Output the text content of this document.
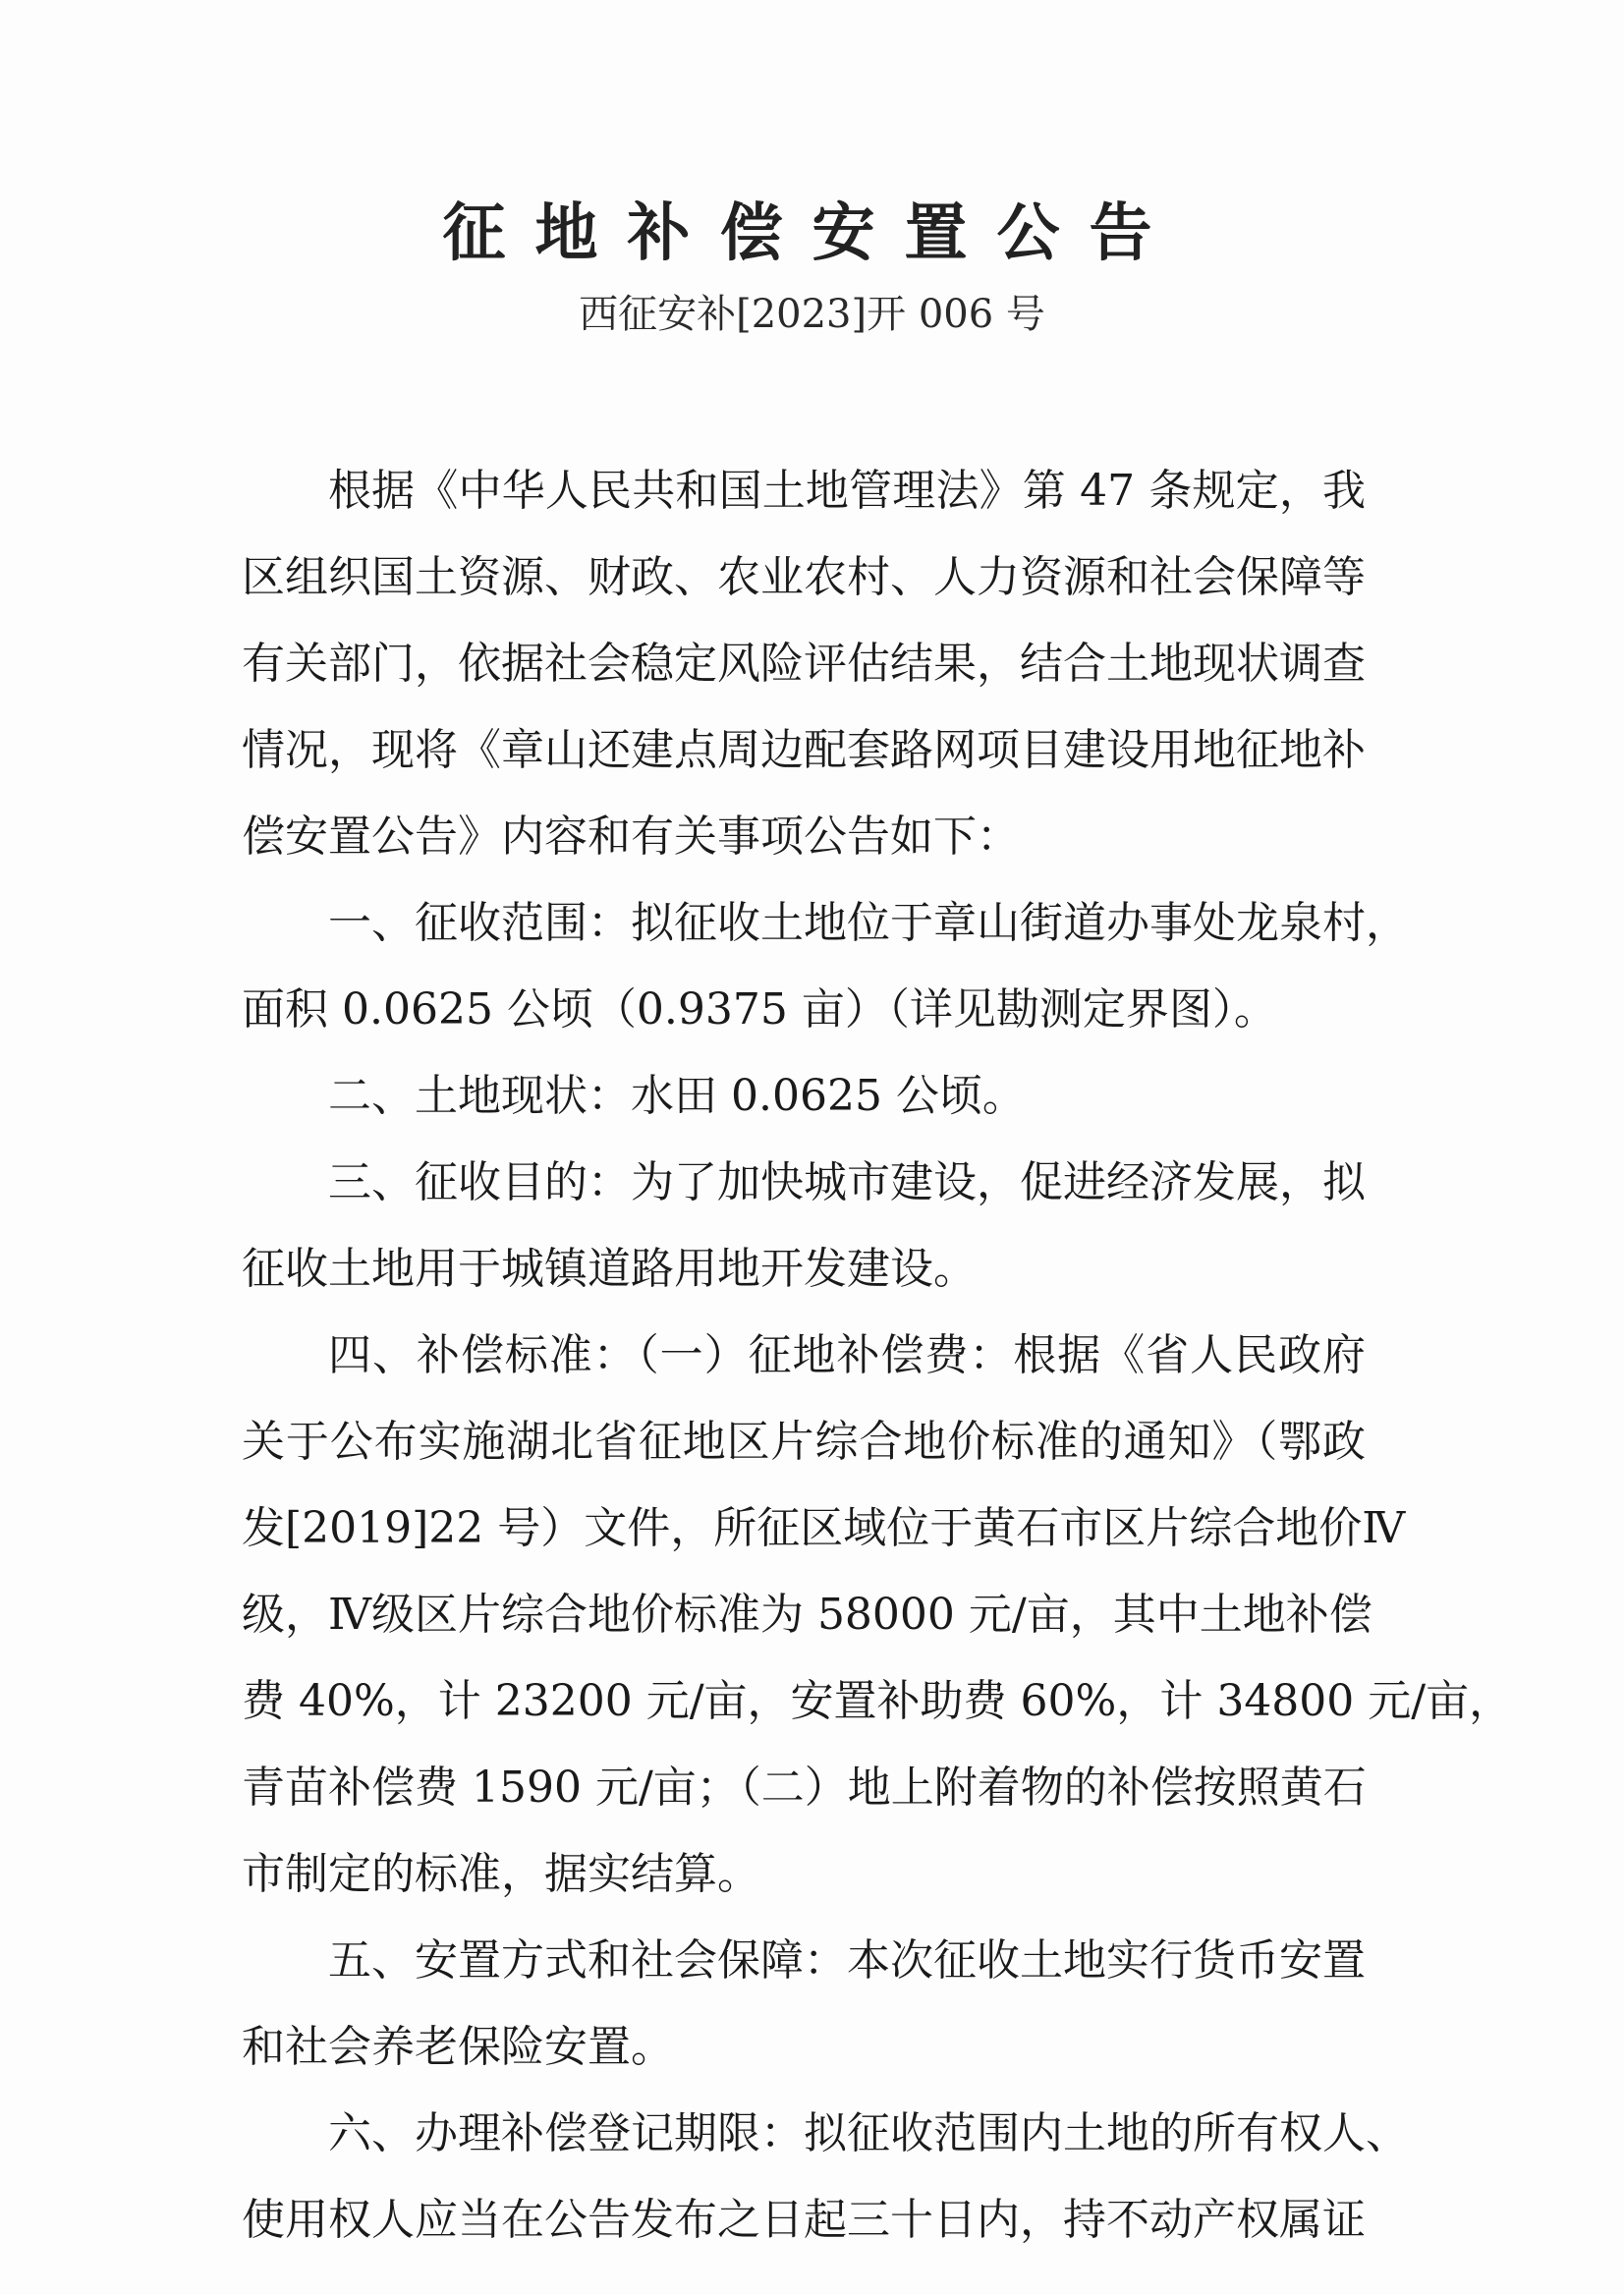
征地补偿安置公告
西征安补[2023]开 006 号
根据《中华人民共和国土地管理法》第 47 条规定，我
区组织国土资源、财政、农业农村、人力资源和社会保障等
有关部门，依据社会稳定风险评估结果，结合土地现状调查
情况，现将《章山还建点周边配套路网项目建设用地征地补
偿安置公告》内容和有关事项公告如下：
一、征收范围：拟征收土地位于章山街道办事处龙泉村，
面积 0.0625 公顷（0.9375 亩）（详见勘测定界图）。
二、土地现状：水田 0.0625 公顷。
三、征收目的：为了加快城市建设，促进经济发展，拟
征收土地用于城镇道路用地开发建设。
四、补偿标准：（一）征地补偿费：根据《省人民政府
关于公布实施湖北省征地区片综合地价标准的通知》（鄂政
发[2019]22 号）文件，所征区域位于黄石市区片综合地价Ⅳ
级，Ⅳ级区片综合地价标准为 58000 元/亩，其中土地补偿
费 40%，计 23200 元/亩，安置补助费 60%，计 34800 元/亩，
青苗补偿费 1590 元/亩；（二）地上附着物的补偿按照黄石
市制定的标准，据实结算。
五、安置方式和社会保障：本次征收土地实行货币安置
和社会养老保险安置。
六、办理补偿登记期限：拟征收范围内土地的所有权人、
使用权人应当在公告发布之日起三十日内，持不动产权属证
